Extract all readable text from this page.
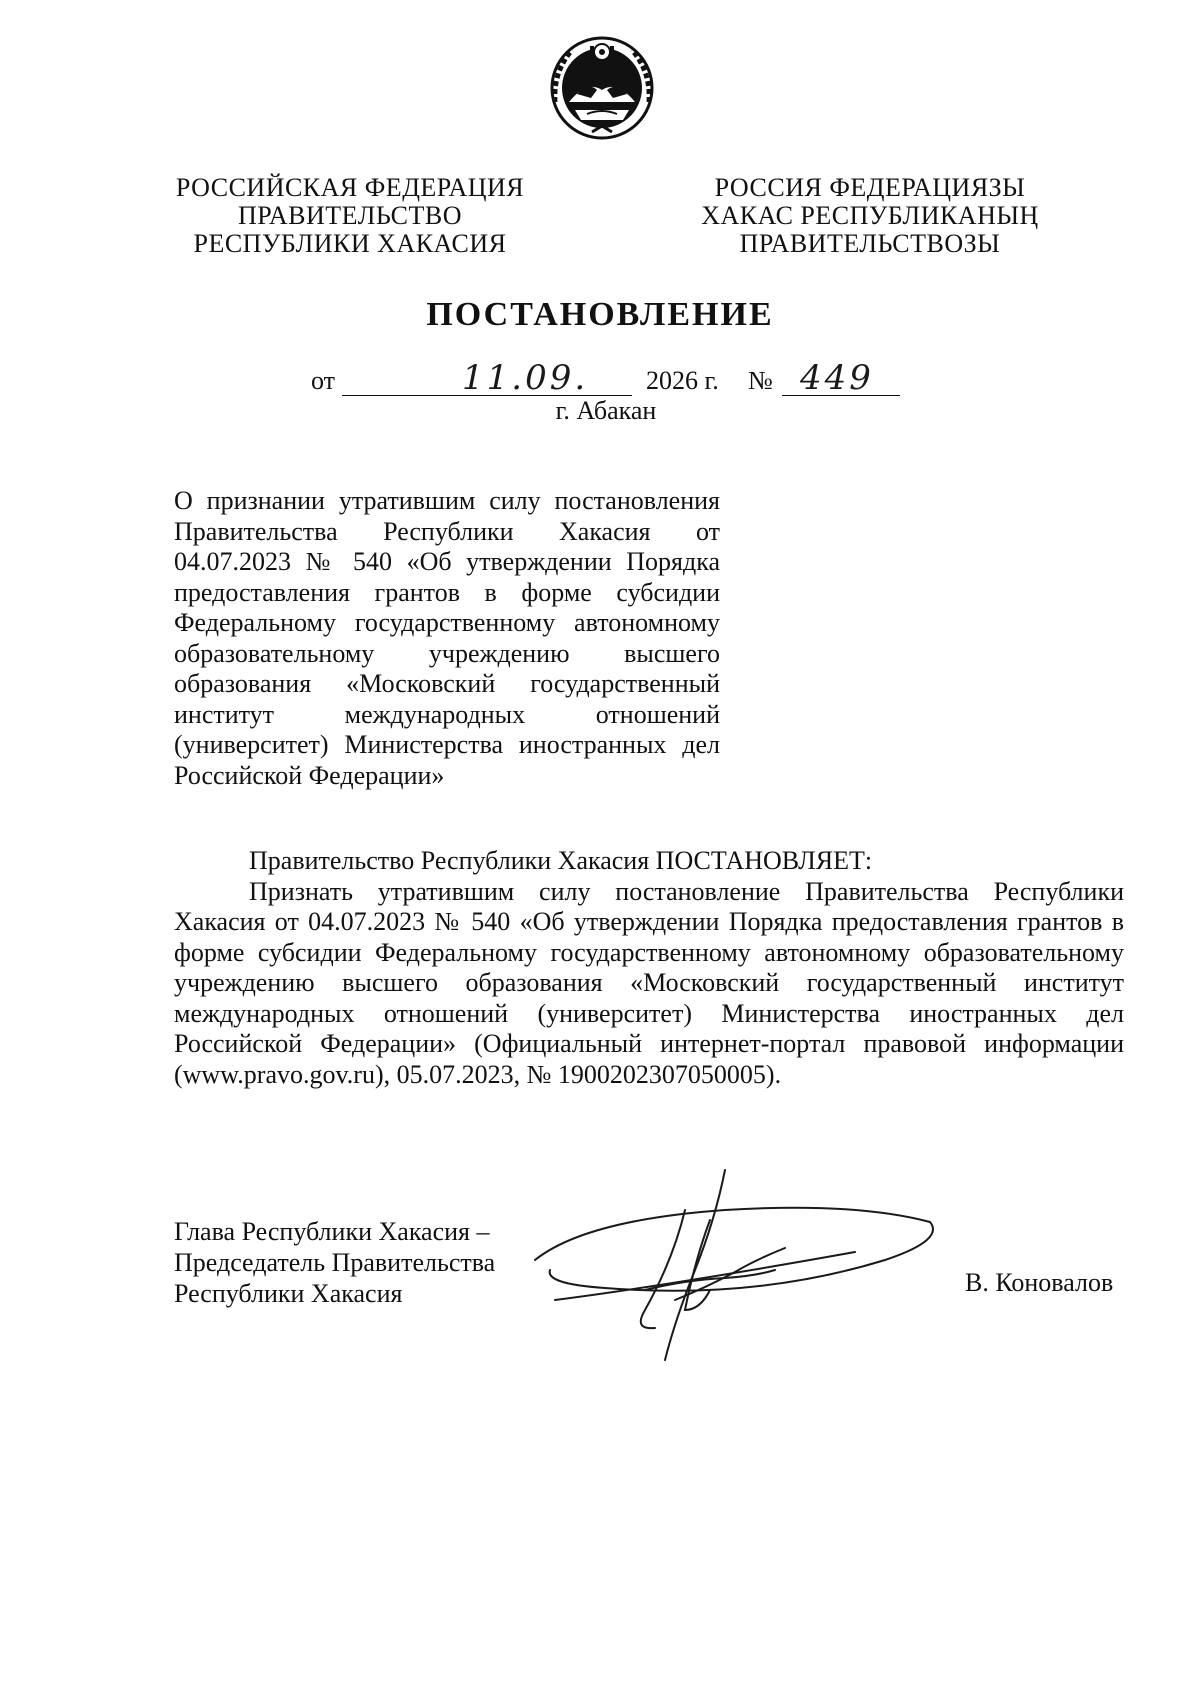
РОССИЙСКАЯ ФЕДЕРАЦИЯ
ПРАВИТЕЛЬСТВО
РЕСПУБЛИКИ ХАКАСИЯ
РОССИЯ ФЕДЕРАЦИЯЗЫ
ХАКАС РЕСПУБЛИКАНЫҢ
ПРАВИТЕЛЬСТВОЗЫ
ПОСТАНОВЛЕНИЕ
от	11.09. 2026 г. № 449
г. Абакан
О признании утратившим силу постановления Правительства Республики Хакасия от 04.07.2023 № 540 «Об утверждении Порядка предоставления грантов в форме субсидии Федеральному государственному автономному образовательному учреждению высшего образования «Московский государственный институт международных отношений (университет) Министерства иностранных дел Российской Федерации»

Правительство Республики Хакасия ПОСТАНОВЛЯЕТ:

Признать утратившим силу постановление Правительства Республики Хакасия от 04.07.2023 № 540 «Об утверждении Порядка предоставления грантов в форме субсидии Федеральному государственному автономному образовательному учреждению высшего образования «Московский государственный институт международных отношений (университет) Министерства иностранных дел Российской Федерации» (Официальный интернет-портал правовой информации (www.pravo.gov.ru), 05.07.2023, № 1900202307050005).

Глава Республики Хакасия –
Председатель Правительства
Республики Хакасия	В. Коновалов
